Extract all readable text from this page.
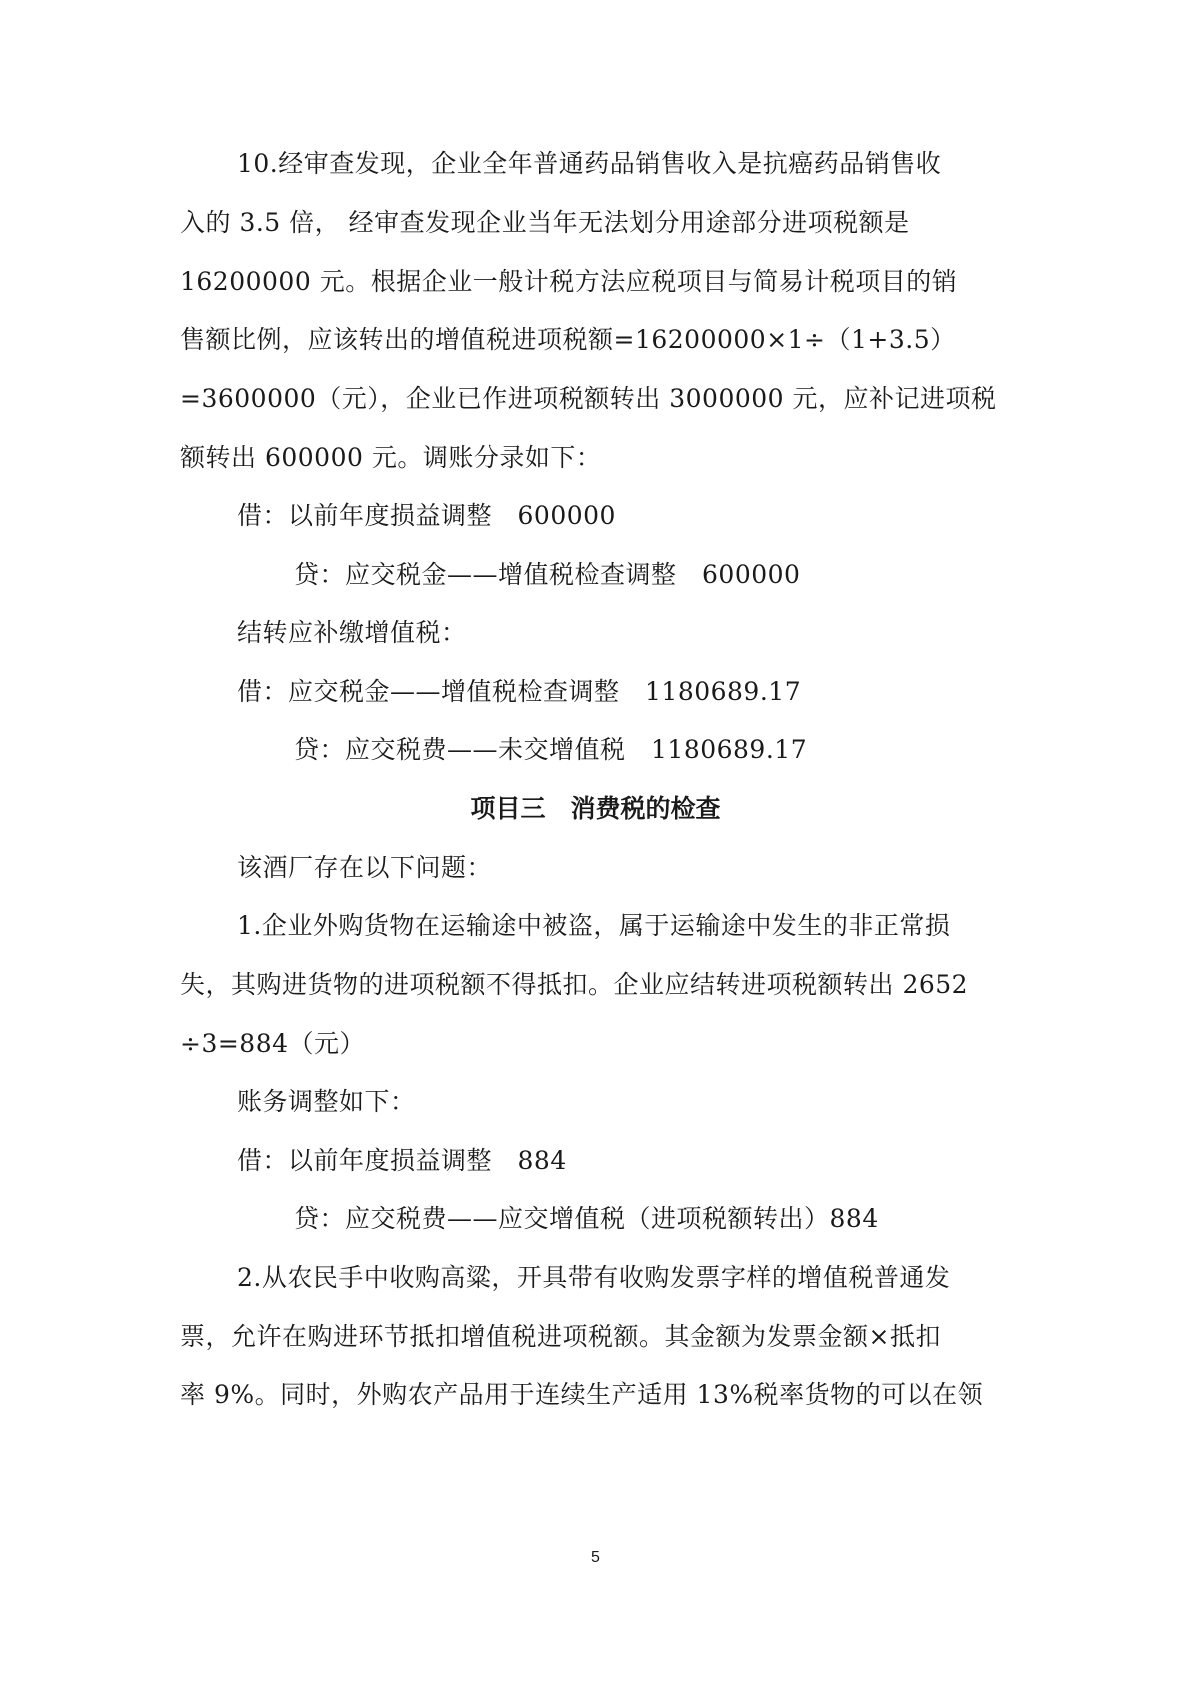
10.经审查发现，企业全年普通药品销售收入是抗癌药品销售收
入的 3.5 倍， 经审查发现企业当年无法划分用途部分进项税额是
16200000 元。根据企业一般计税方法应税项目与简易计税项目的销
售额比例，应该转出的增值税进项税额=16200000×1÷（1+3.5）
=3600000（元），企业已作进项税额转出 3000000 元，应补记进项税
额转出 600000 元。调账分录如下：
借：以前年度损益调整　600000
贷：应交税金——增值税检查调整　600000
结转应补缴增值税：
借：应交税金——增值税检查调整　1180689.17
贷：应交税费——未交增值税　1180689.17
项目三　消费税的检查
该酒厂存在以下问题：
1.企业外购货物在运输途中被盗，属于运输途中发生的非正常损
失，其购进货物的进项税额不得抵扣。企业应结转进项税额转出 2652
÷3=884（元）
账务调整如下：
借：以前年度损益调整　884
贷：应交税费——应交增值税（进项税额转出）884
2.从农民手中收购高粱，开具带有收购发票字样的增值税普通发
票，允许在购进环节抵扣增值税进项税额。其金额为发票金额×抵扣
率 9%。同时，外购农产品用于连续生产适用 13%税率货物的可以在领
5
